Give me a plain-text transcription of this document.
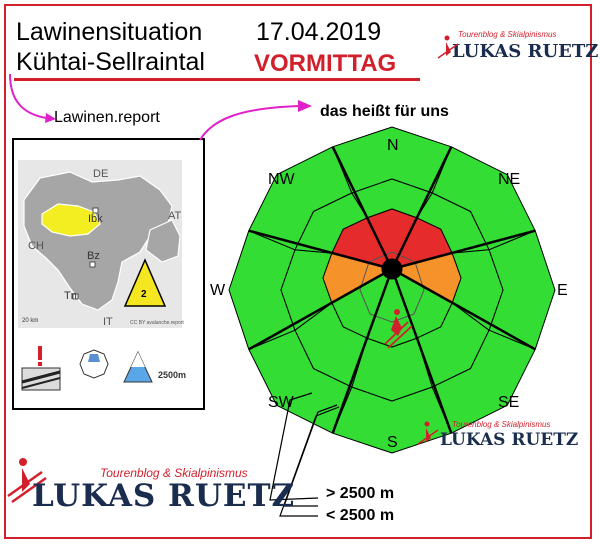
Lawinensituation
Kühtai-Sellraintal
17.04.2019
VORMITTAG
Tourenblog & Skialpinismus
LUKAS RUETZ
Lawinen.report	das heißt für uns
DE
AT
CH
IT
Ibk
Bz
Tn	2
20 km	CC BY avalanche.report
2500m
N
NE
E
SE
S
SW
W
NW
> 2500 m
< 2500 m
Tourenblog & Skialpinismus
LUKAS RUETZ
Tourenblog & Skialpinismus
LUKAS RUETZ
